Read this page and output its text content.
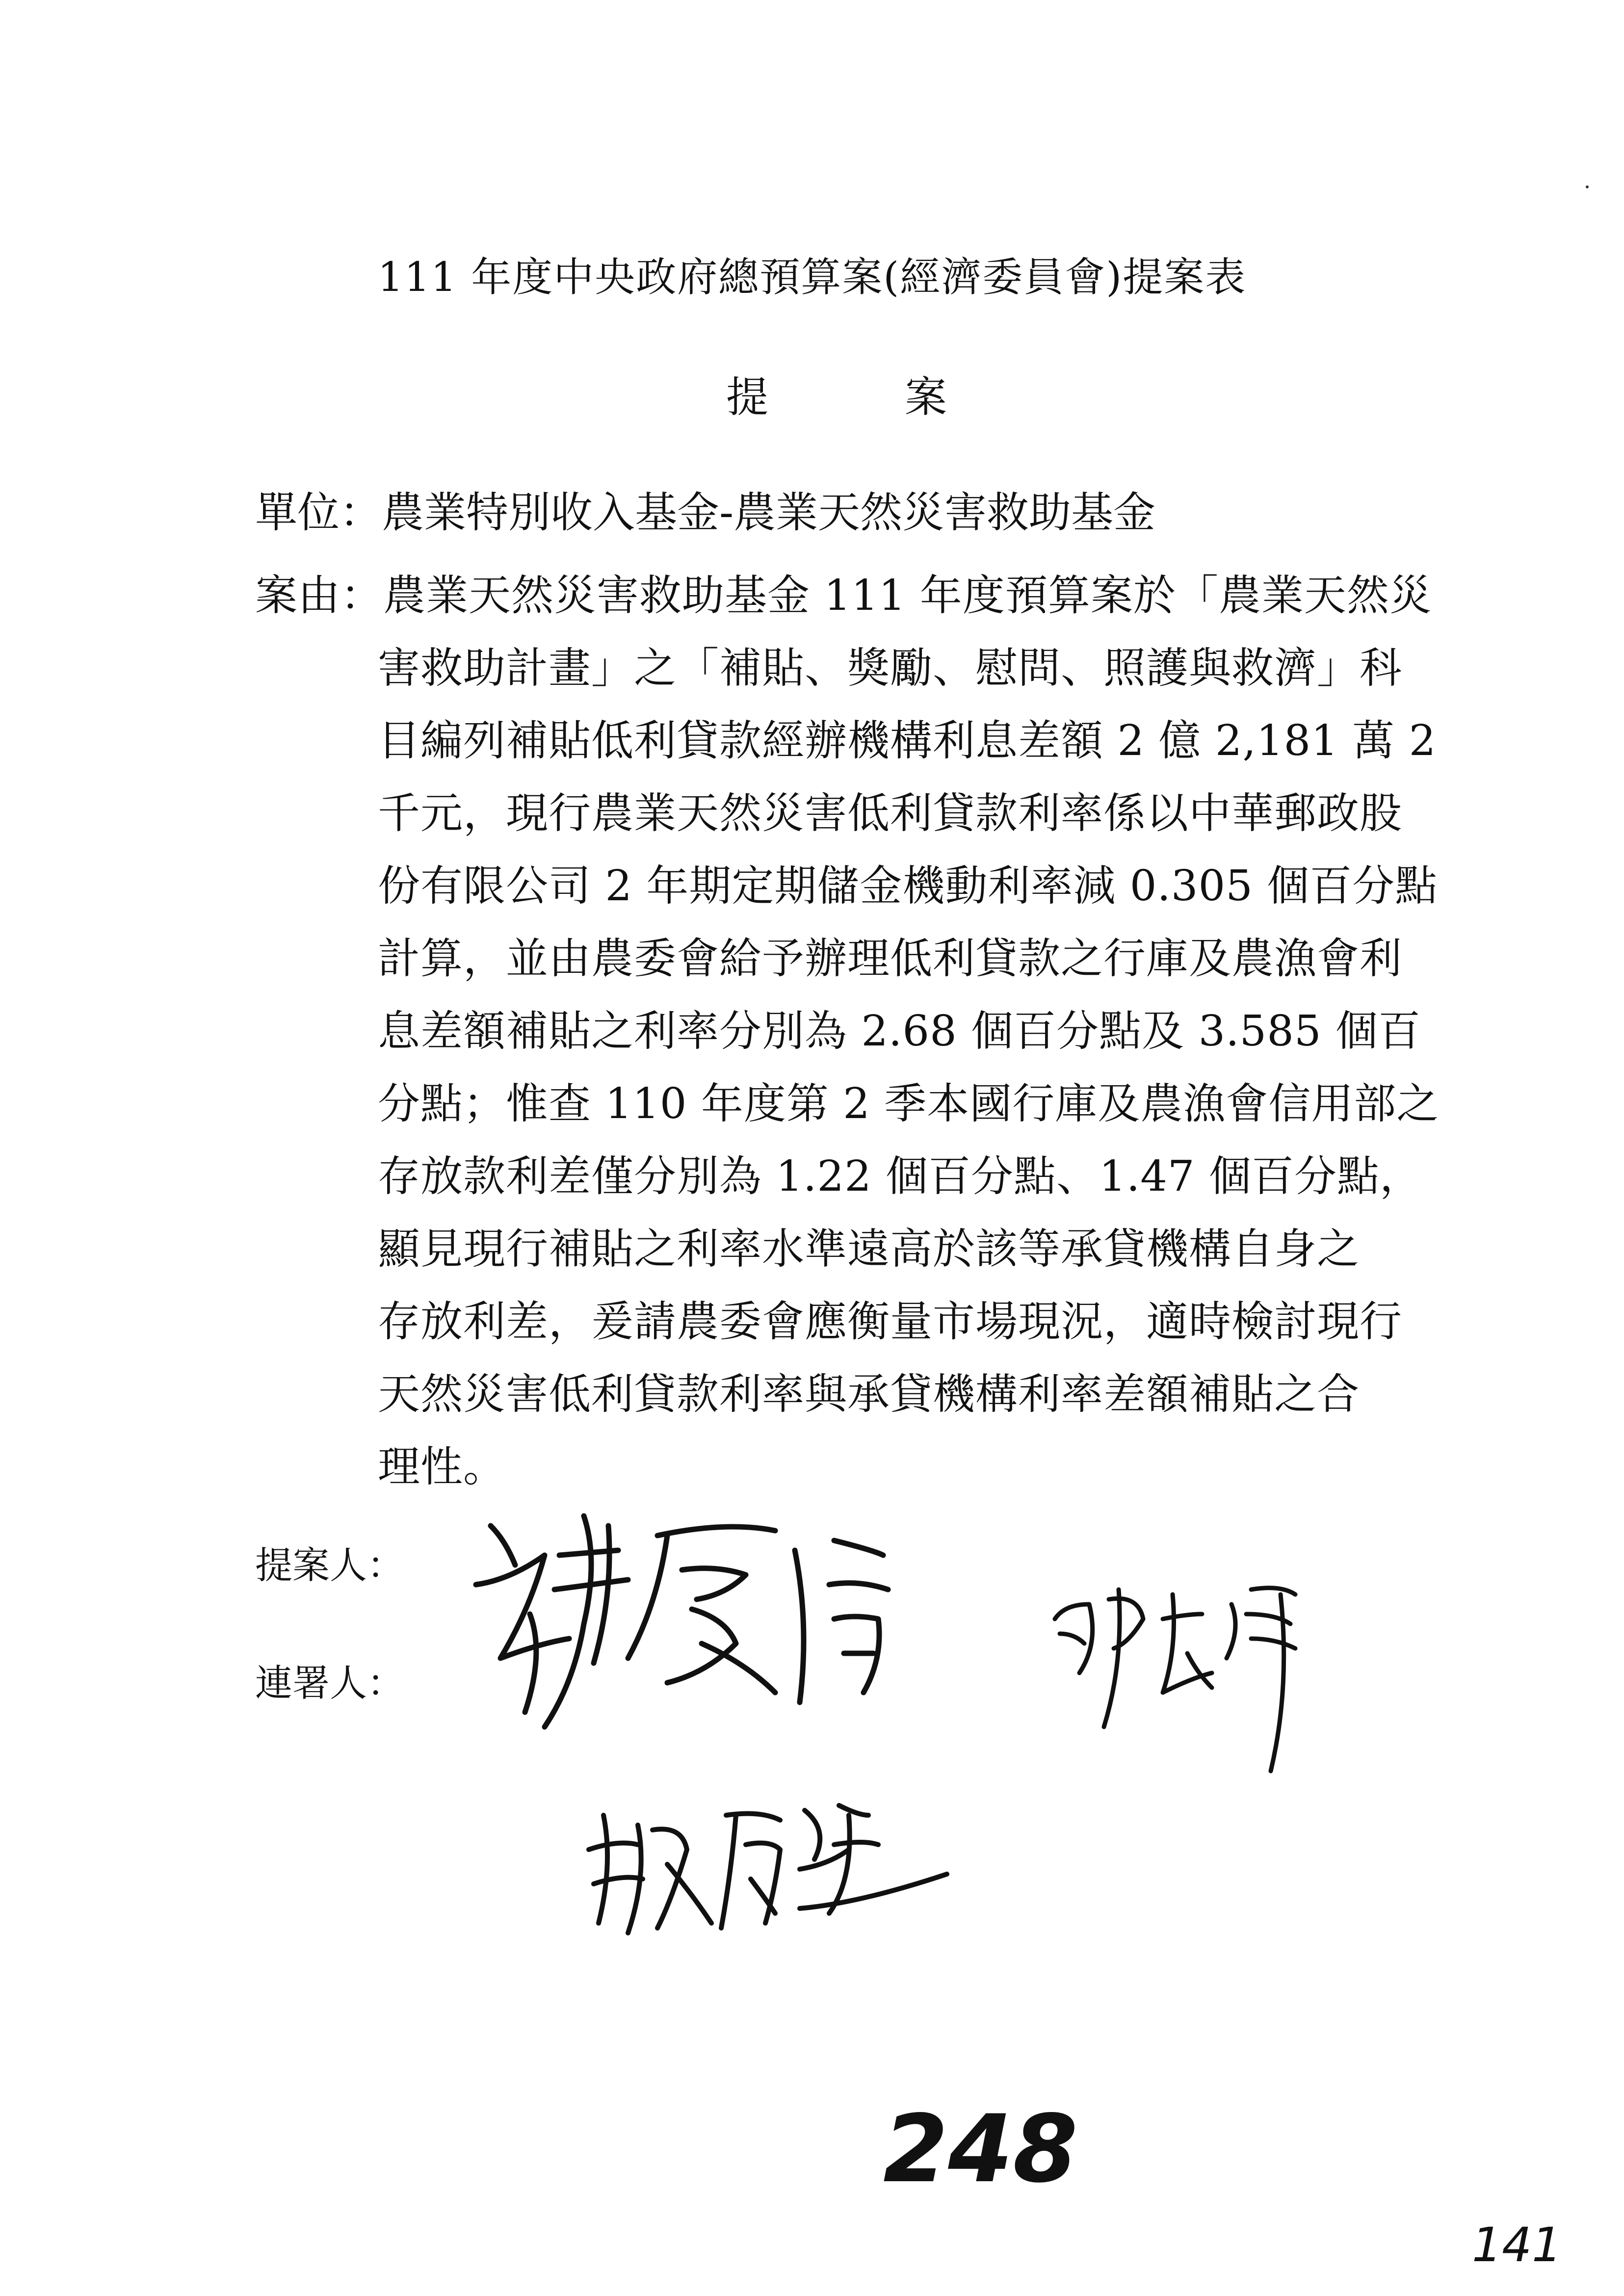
111 年度中央政府總預算案(經濟委員會)提案表
提	案
單位： 農業特別收入基金-農業天然災害救助基金
案由：農業天然災害救助基金 111 年度預算案於「農業天然災
害救助計畫」之「補貼、獎勵、慰問、照護與救濟」科
目編列補貼低利貸款經辦機構利息差額 2 億 2,181 萬 2
千元，現行農業天然災害低利貸款利率係以中華郵政股
份有限公司 2 年期定期儲金機動利率減 0.305 個百分點
計算，並由農委會給予辦理低利貸款之行庫及農漁會利
息差額補貼之利率分別為 2.68 個百分點及 3.585 個百
分點；惟查 110 年度第 2 季本國行庫及農漁會信用部之
存放款利差僅分別為 1.22 個百分點、1.47 個百分點，
顯見現行補貼之利率水準遠高於該等承貸機構自身之
存放利差，爰請農委會應衡量市場現況，適時檢討現行
天然災害低利貸款利率與承貸機構利率差額補貼之合
理性。
提案人：
連署人：
248
141
